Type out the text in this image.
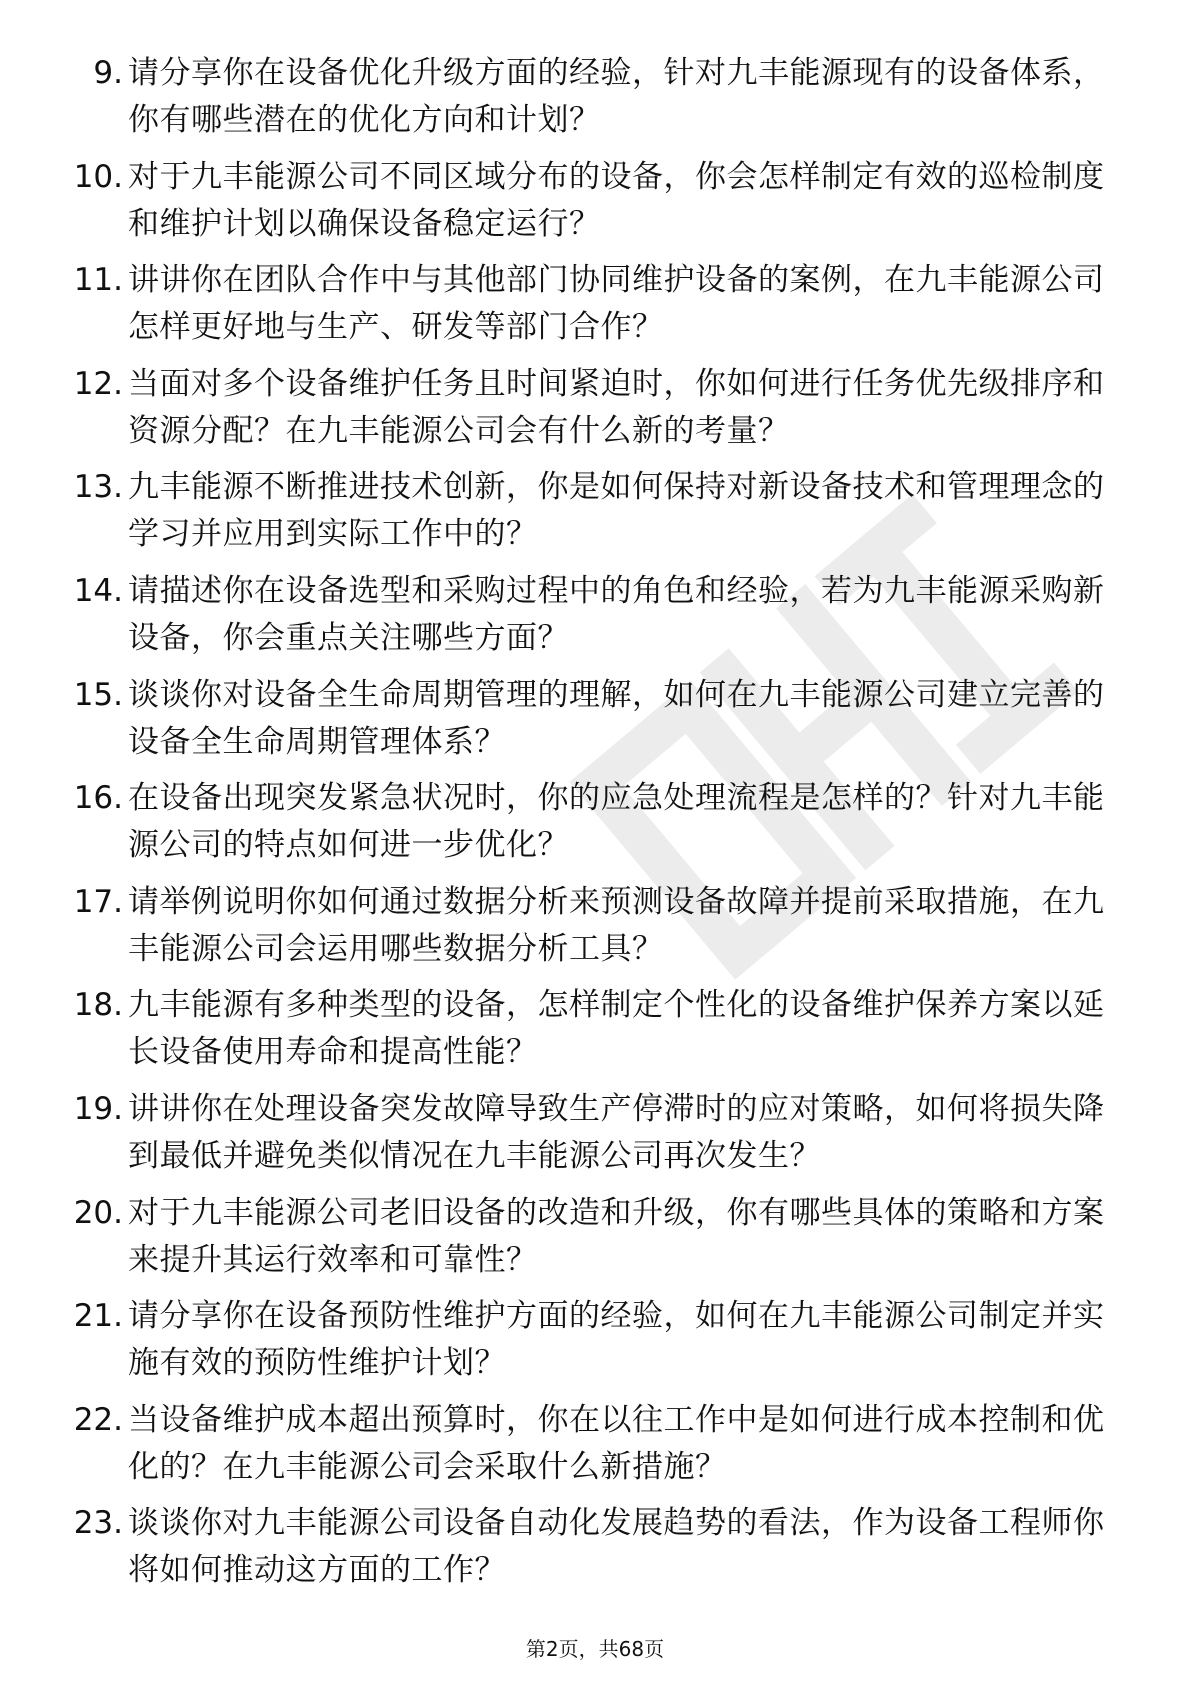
9. 请分享你在设备优化升级方面的经验，针对九丰能源现有的设备体系，你有哪些潜在的优化方向和计划？
10. 对于九丰能源公司不同区域分布的设备，你会怎样制定有效的巡检制度和维护计划以确保设备稳定运行？
11. 讲讲你在团队合作中与其他部门协同维护设备的案例，在九丰能源公司怎样更好地与生产、研发等部门合作？
12. 当面对多个设备维护任务且时间紧迫时，你如何进行任务优先级排序和资源分配？在九丰能源公司会有什么新的考量？
13. 九丰能源不断推进技术创新，你是如何保持对新设备技术和管理理念的学习并应用到实际工作中的？
14. 请描述你在设备选型和采购过程中的角色和经验，若为九丰能源采购新设备，你会重点关注哪些方面？
15. 谈谈你对设备全生命周期管理的理解，如何在九丰能源公司建立完善的设备全生命周期管理体系？
16. 在设备出现突发紧急状况时，你的应急处理流程是怎样的？针对九丰能源公司的特点如何进一步优化？
17. 请举例说明你如何通过数据分析来预测设备故障并提前采取措施，在九丰能源公司会运用哪些数据分析工具？
18. 九丰能源有多种类型的设备，怎样制定个性化的设备维护保养方案以延长设备使用寿命和提高性能？
19. 讲讲你在处理设备突发故障导致生产停滞时的应对策略，如何将损失降到最低并避免类似情况在九丰能源公司再次发生？
20. 对于九丰能源公司老旧设备的改造和升级，你有哪些具体的策略和方案来提升其运行效率和可靠性？
21. 请分享你在设备预防性维护方面的经验，如何在九丰能源公司制定并实施有效的预防性维护计划？
22. 当设备维护成本超出预算时，你在以往工作中是如何进行成本控制和优化的？在九丰能源公司会采取什么新措施？
23. 谈谈你对九丰能源公司设备自动化发展趋势的看法，作为设备工程师你将如何推动这方面的工作？
第2页，共68页
